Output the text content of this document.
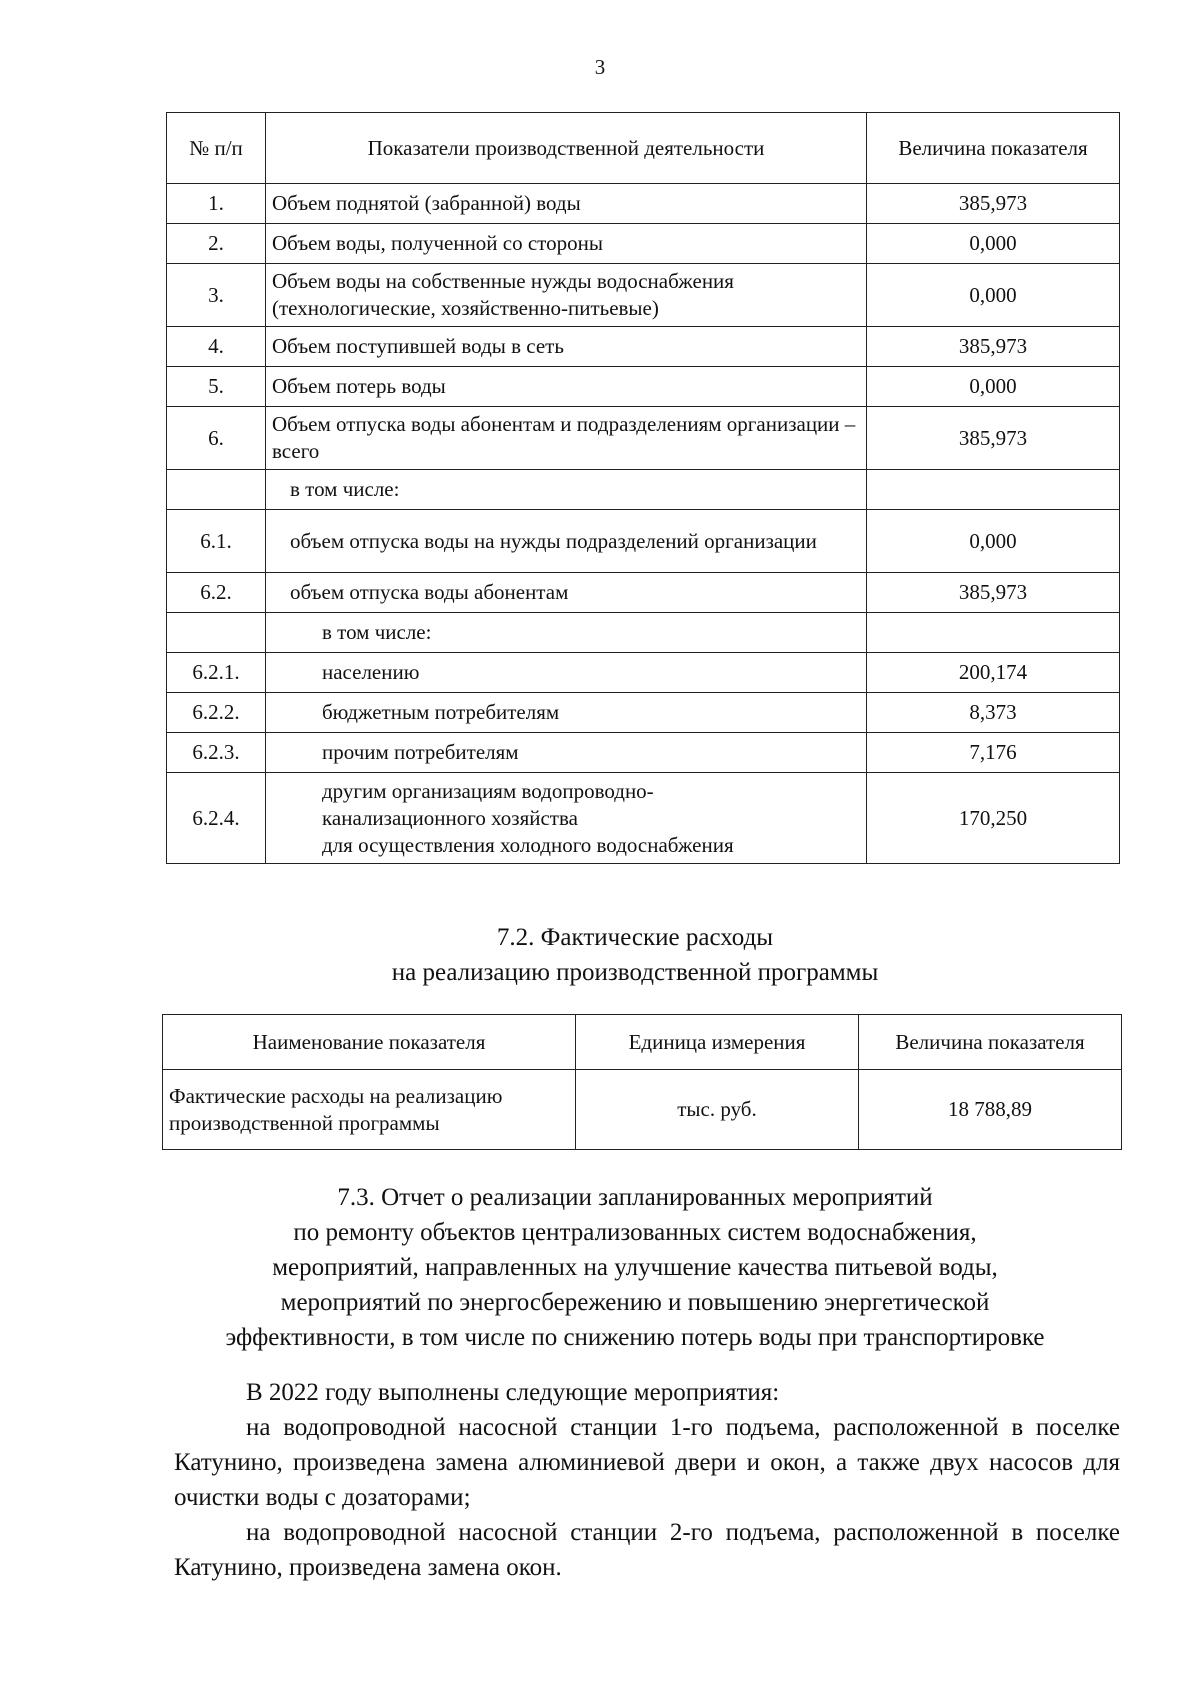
3
№ п/п	Показатели производственной деятельности	Величина показателя
1.	Объем поднятой (забранной) воды	385,973
2.	Объем воды, полученной со стороны	0,000
3.	Объем воды на собственные нужды водоснабжения (технологические, хозяйственно-питьевые)	0,000
4.	Объем поступившей воды в сеть	385,973
5.	Объем потерь воды	0,000
6.	Объем отпуска воды абонентам и подразделениям организации – всего	385,973
	в том числе:	
6.1.	объем отпуска воды на нужды подразделений организации	0,000
6.2.	объем отпуска воды абонентам	385,973
	в том числе:	
6.2.1.	населению	200,174
6.2.2.	бюджетным потребителям	8,373
6.2.3.	прочим потребителям	7,176
6.2.4.	другим организациям водопроводно-
канализационного хозяйства
для осуществления холодного водоснабжения	170,250
7.2. Фактические расходы
на реализацию производственной программы
Наименование показателя	Единица измерения	Величина показателя
Фактические расходы на реализацию производственной программы	тыс. руб.	18 788,89
7.3. Отчет о реализации запланированных мероприятий
по ремонту объектов централизованных систем водоснабжения,
мероприятий, направленных на улучшение качества питьевой воды,
мероприятий по энергосбережению и повышению энергетической
эффективности, в том числе по снижению потерь воды при транспортировке
В 2022 году выполнены следующие мероприятия:
на водопроводной насосной станции 1-го подъема, расположенной в поселке Катунино, произведена замена алюминиевой двери и окон, а также двух насосов для очистки воды с дозаторами;
на водопроводной насосной станции 2-го подъема, расположенной в поселке Катунино, произведена замена окон.
